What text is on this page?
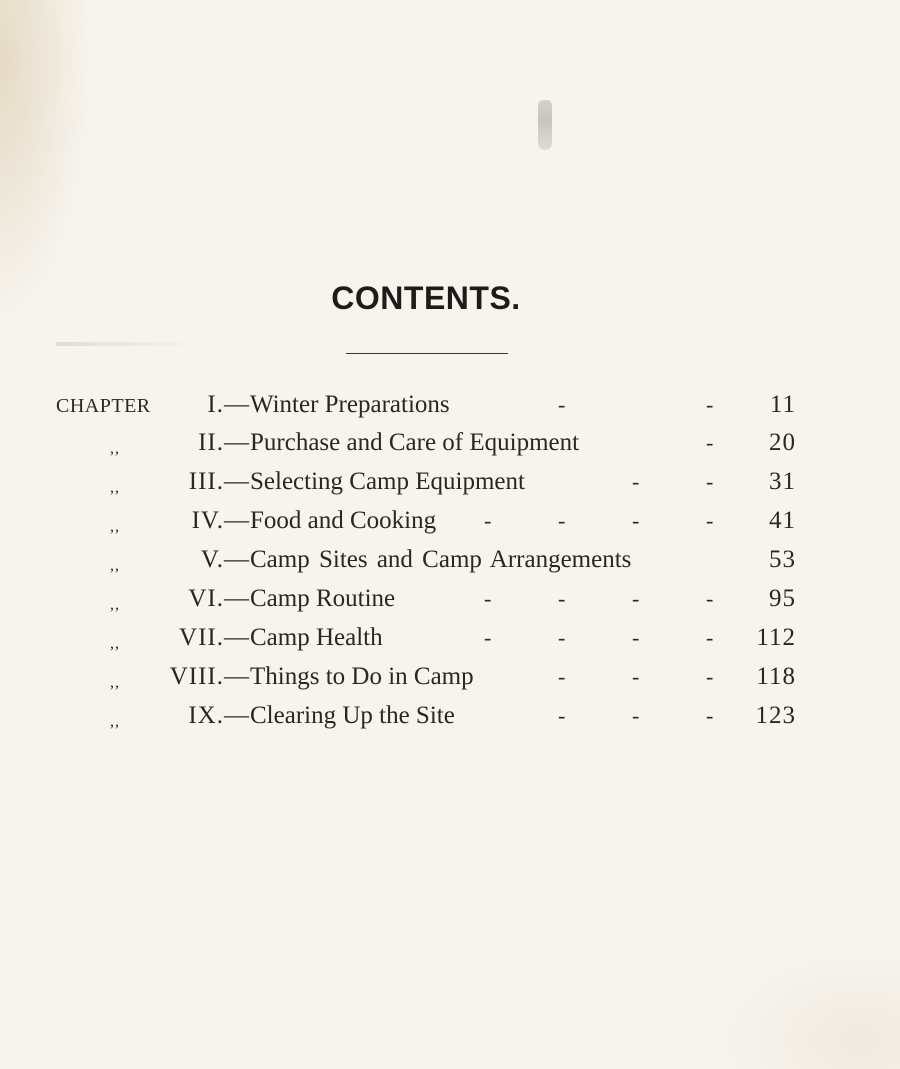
CONTENTS.
CHAPTER I.— Winter Preparations	-	- 11
,,	II.— Purchase and Care of Equipment	- 20
,,	III.— Selecting Camp Equipment	-	- 31
,,	IV.— Food and Cooking -	-	-	- 41
,,	V.— Camp Sites and Camp Arrangements	53
,,	VI.— Camp Routine	-	-	-	- 95
,, VII.— Camp Health	-	-	-	- 112
,, VIII.— Things to Do in Camp	-	-	- 118
,,	IX.— Clearing Up the Site	-	-	- 123
